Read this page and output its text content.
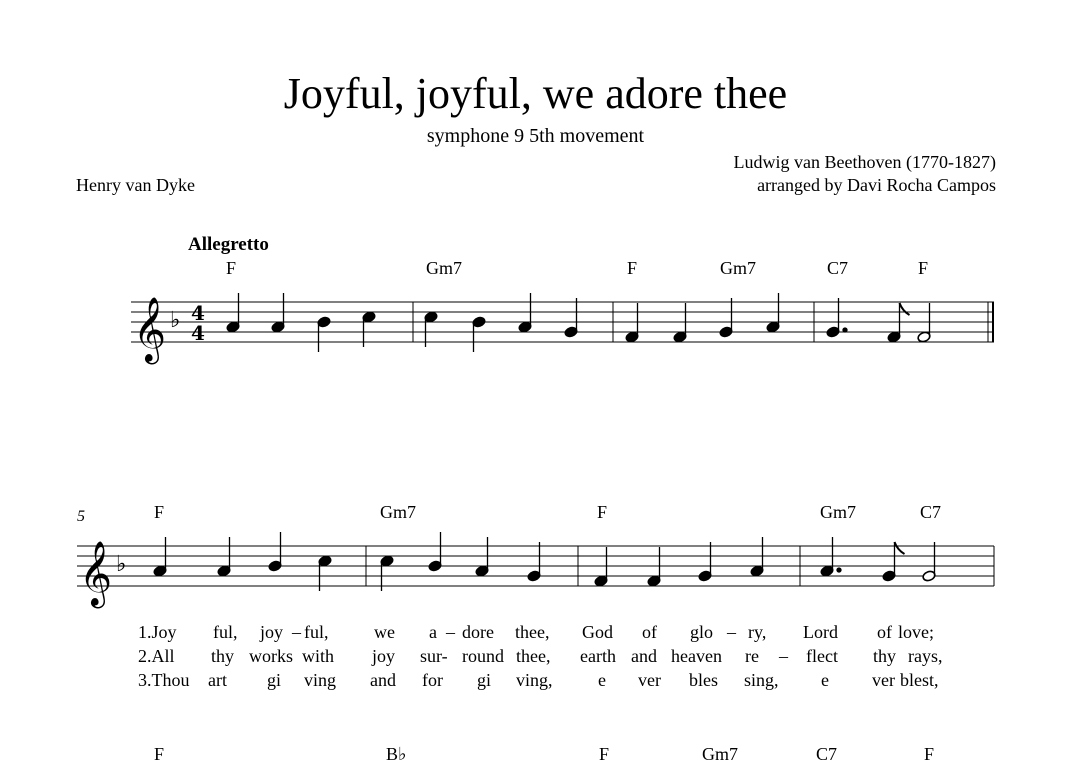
Joyful, joyful, we adore thee
symphone 9 5th movement
Ludwig van Beethoven (1770-1827)
arranged by Davi Rocha Campos
Henry van Dyke
Allegretto
F	Gm7	F	Gm7	C7	F
5	F	Gm7	F	Gm7	C7
1.Joy ful, joy – ful,	we a – dore thee, God of glo – ry, Lord of love;
2.All thy works with joy sur- round thee, earth and heaven re – flect thy rays,
3.Thou art gi ving and for gi ving,	e ver bles sing, e ver blest,
F	B♭	F	Gm7	C7	F
𝄞 ♭ 4
4
𝄞 ♭
